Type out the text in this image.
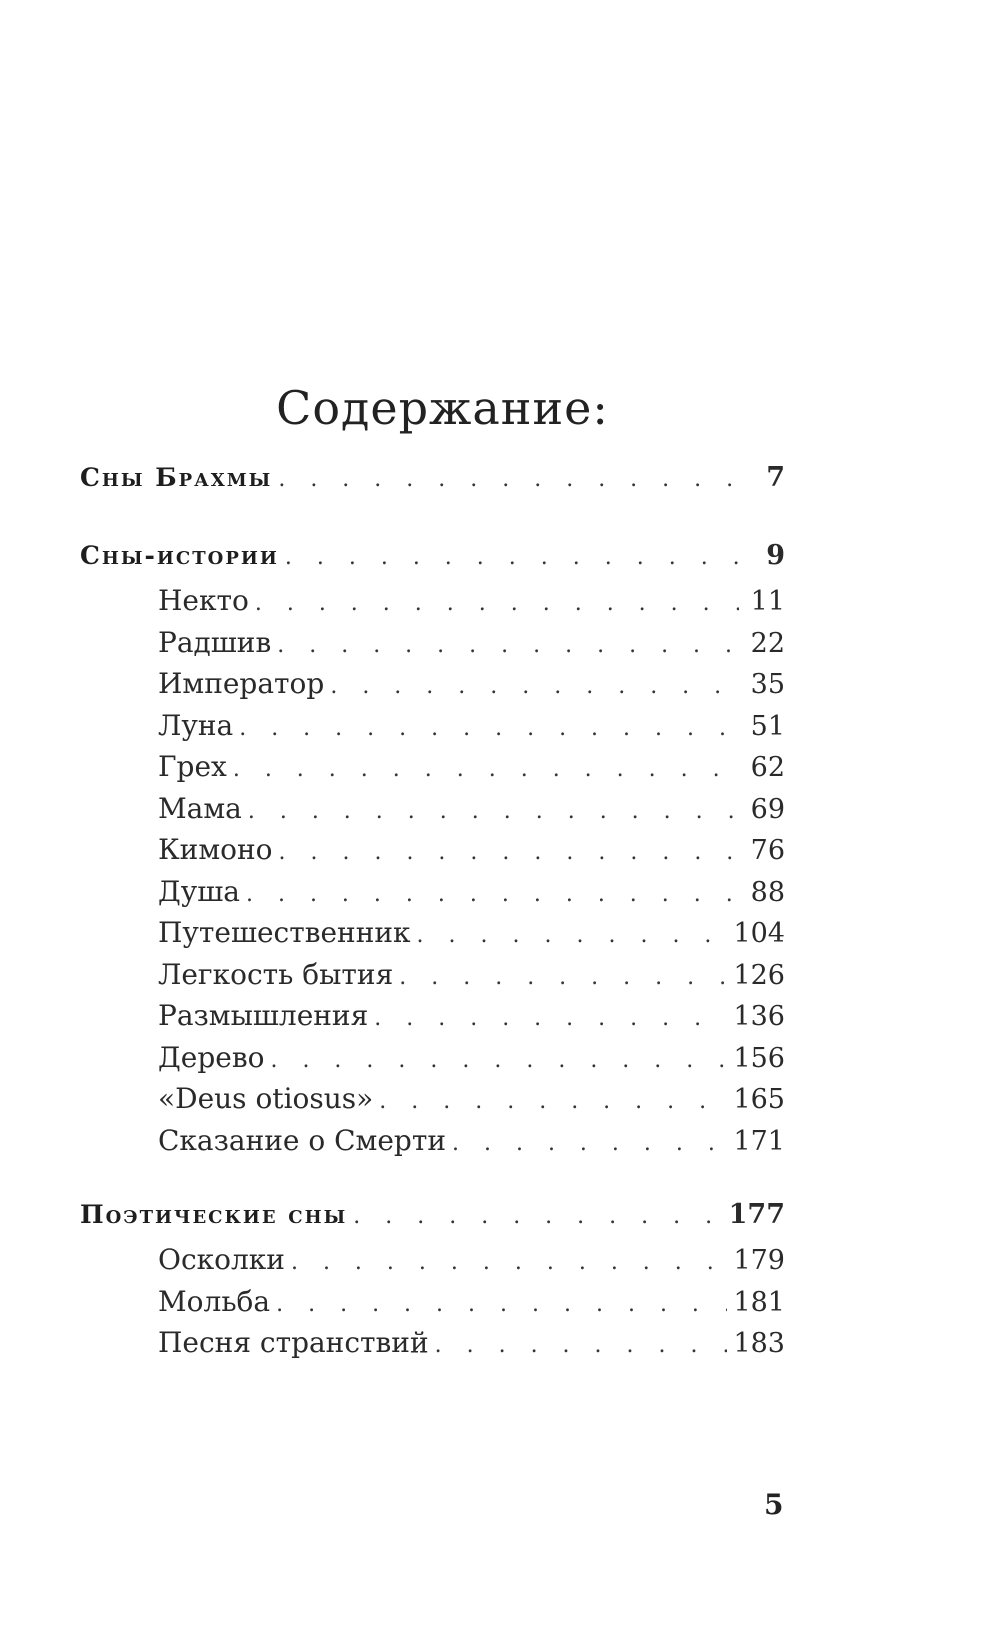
Содержание:
Сны Брахмы . . .	7
Сны-истории . . .	9
Некто . . .	11
Радшив . . .	22
Император . . .	35
Луна . . .	51
Грех . . .	62
Мама . . .	69
Кимоно . . .	76
Душа . . .	88
Путешественник . . .	104
Легкость бытия . . .	126
Размышления . . .	136
Дерево . . .	156
«Deus otiosus» . . .	165
Сказание о Смерти . . .	171
Поэтические сны . . .	177
Осколки . . .	179
Мольба . . .	181
Песня странствий . . .	183
5
